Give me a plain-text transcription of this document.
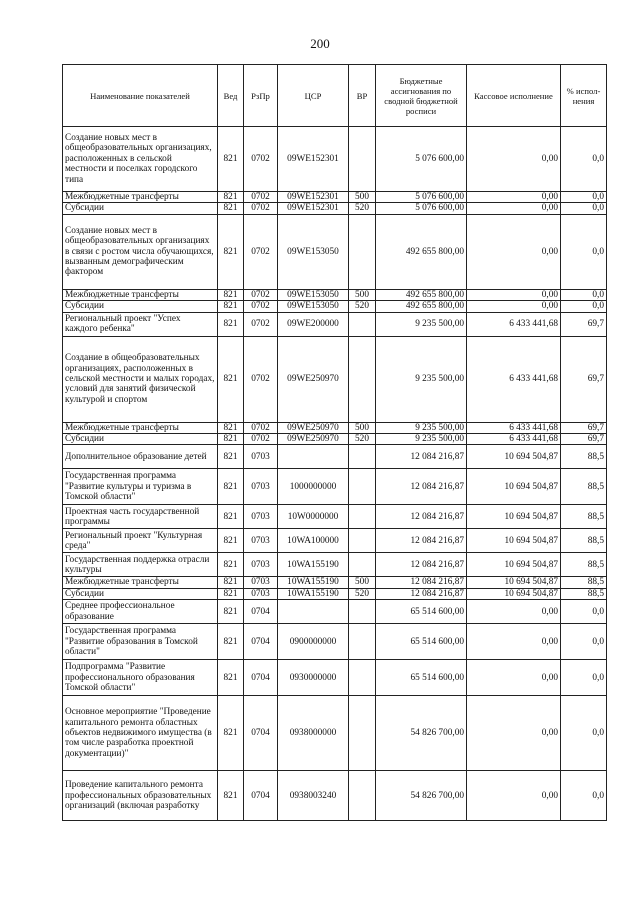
200
Наименование показателей	Вед	РзПр	ЦСР	ВР	Бюджетные ассигнования по сводной бюджетной росписи	Кассовое исполнение	% испол-нения
Создание новых мест в общеобразовательных организациях, расположенных в сельской местности и поселках городского типа	821	0702	09WE152301		5 076 600,00	0,00	0,0
Межбюджетные трансферты	821	0702	09WE152301	500	5 076 600,00	0,00	0,0
Субсидии	821	0702	09WE152301	520	5 076 600,00	0,00	0,0
Создание новых мест в общеобразовательных организациях в связи с ростом числа обучающихся, вызванным демографическим фактором	821	0702	09WE153050		492 655 800,00	0,00	0,0
Межбюджетные трансферты	821	0702	09WE153050	500	492 655 800,00	0,00	0,0
Субсидии	821	0702	09WE153050	520	492 655 800,00	0,00	0,0
Региональный проект "Успех каждого ребенка"	821	0702	09WE200000		9 235 500,00	6 433 441,68	69,7
Создание в общеобразовательных организациях, расположенных в сельской местности и малых городах, условий для занятий физической культурой и спортом	821	0702	09WE250970		9 235 500,00	6 433 441,68	69,7
Межбюджетные трансферты	821	0702	09WE250970	500	9 235 500,00	6 433 441,68	69,7
Субсидии	821	0702	09WE250970	520	9 235 500,00	6 433 441,68	69,7
Дополнительное образование детей	821	0703			12 084 216,87	10 694 504,87	88,5
Государственная программа "Развитие культуры и туризма в Томской области"	821	0703	1000000000		12 084 216,87	10 694 504,87	88,5
Проектная часть государственной программы	821	0703	10W0000000		12 084 216,87	10 694 504,87	88,5
Региональный проект "Культурная среда"	821	0703	10WA100000		12 084 216,87	10 694 504,87	88,5
Государственная поддержка отрасли культуры	821	0703	10WA155190		12 084 216,87	10 694 504,87	88,5
Межбюджетные трансферты	821	0703	10WA155190	500	12 084 216,87	10 694 504,87	88,5
Субсидии	821	0703	10WA155190	520	12 084 216,87	10 694 504,87	88,5
Среднее профессиональное образование	821	0704			65 514 600,00	0,00	0,0
Государственная программа "Развитие образования в Томской области"	821	0704	0900000000		65 514 600,00	0,00	0,0
Подпрограмма "Развитие профессионального образования Томской области"	821	0704	0930000000		65 514 600,00	0,00	0,0
Основное мероприятие "Проведение капитального ремонта областных объектов недвижимого имущества (в том числе разработка проектной документации)"	821	0704	0938000000		54 826 700,00	0,00	0,0
Проведение капитального ремонта профессиональных образовательных организаций (включая разработку	821	0704	0938003240		54 826 700,00	0,00	0,0
